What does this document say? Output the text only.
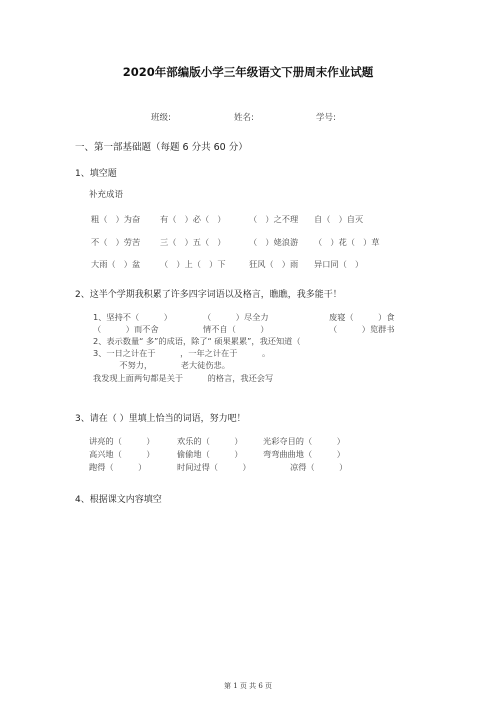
2020年部编版小学三年级语文下册周末作业试题
班级:	姓名:	学号:
一、第一部基础题（每题 6 分共 60 分）
1、填空题
补充成语
粗（　）为奋 有（　）必（　）	（　）之不理 自（　）自灭
不（　）劳苦 三（　）五（　）	（　）姥浪游 （　）花（　）草
大雨（　）盆 （　）上（　）下	狂风（　）雨 异口同（　）
2、这半个学期我积累了许多四字词语以及格言，瞧瞧，我多能干！
1、坚持不（　　　）	（　　　）尽全力	废寝（　　　）食
（　　　）而不舍	情不自（　　　）	（　　　）览群书
2、表示数量“ 多”的成语，除了“ 硕果累累”，我还知道（
3、一日之计在于　　　，一年之计在于　　　。
　　不努力，　　　　老大徒伤悲。
我发现上面两句都是关于　　　的格言，我还会写
3、请在（ ）里填上恰当的词语，努力吧！
讲亮的（　　　）	欢乐的（　　　） 光彩夺目的（　　　）
高兴地（　　　）	偷偷地（　　　） 弯弯曲曲地（　　　）
跑得（　　　）	时间过得（　　　）	凉得（　　　）
4、根据课文内容填空
第 1 页 共 6 页
